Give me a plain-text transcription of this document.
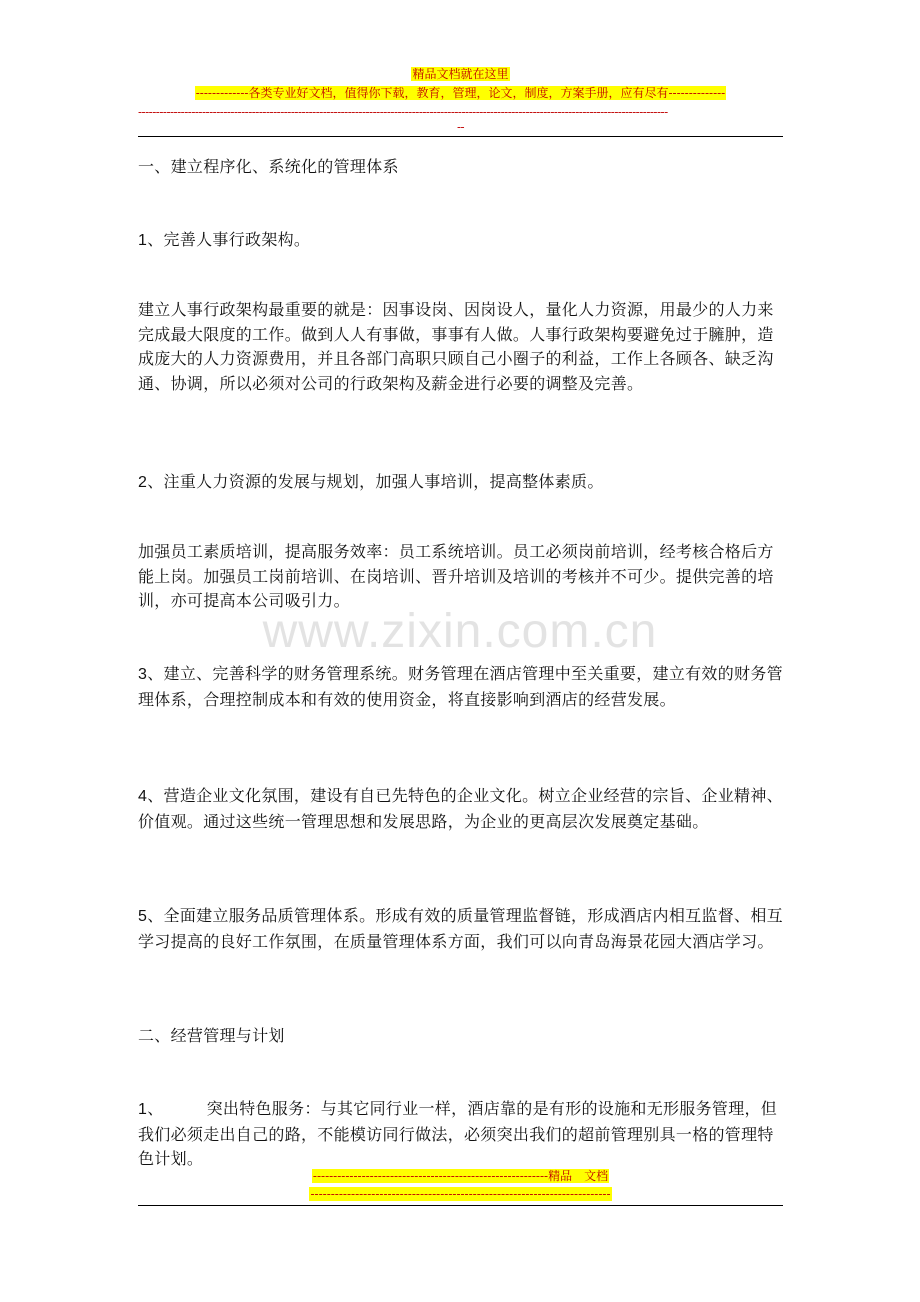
精品文档就在这里
-------------各类专业好文档，值得你下载，教育，管理，论文，制度，方案手册，应有尽有--------------
-----------------------------------------------------------------------------------------------------------------------------------------------------
--

一、建立程序化、系统化的管理体系

1、完善人事行政架构。

建立人事行政架构最重要的就是：因事设岗、因岗设人，量化人力资源，用最少的人力来完成最大限度的工作。做到人人有事做，事事有人做。人事行政架构要避免过于臃肿，造成庞大的人力资源费用，并且各部门高职只顾自己小圈子的利益，工作上各顾各、缺乏沟通、协调，所以必须对公司的行政架构及薪金进行必要的调整及完善。

2、注重人力资源的发展与规划，加强人事培训，提高整体素质。

加强员工素质培训，提高服务效率：员工系统培训。员工必须岗前培训，经考核合格后方能上岗。加强员工岗前培训、在岗培训、晋升培训及培训的考核并不可少。提供完善的培训，亦可提高本公司吸引力。

www.zixin.com.cn

3、建立、完善科学的财务管理系统。财务管理在酒店管理中至关重要，建立有效的财务管理体系，合理控制成本和有效的使用资金，将直接影响到酒店的经营发展。

4、营造企业文化氛围，建设有自已先特色的企业文化。树立企业经营的宗旨、企业精神、价值观。通过这些统一管理思想和发展思路，为企业的更高层次发展奠定基础。

5、全面建立服务品质管理体系。形成有效的质量管理监督链，形成酒店内相互监督、相互学习提高的良好工作氛围，在质量管理体系方面，我们可以向青岛海景花园大酒店学习。

二、经营管理与计划

1、        突出特色服务：与其它同行业一样，酒店靠的是有形的设施和无形服务管理，但我们必须走出自己的路，不能模访同行做法，必须突出我们的超前管理别具一格的管理特色计划。

----------------------------------------------------------精品　文档
--------------------------------------------------------------------------
